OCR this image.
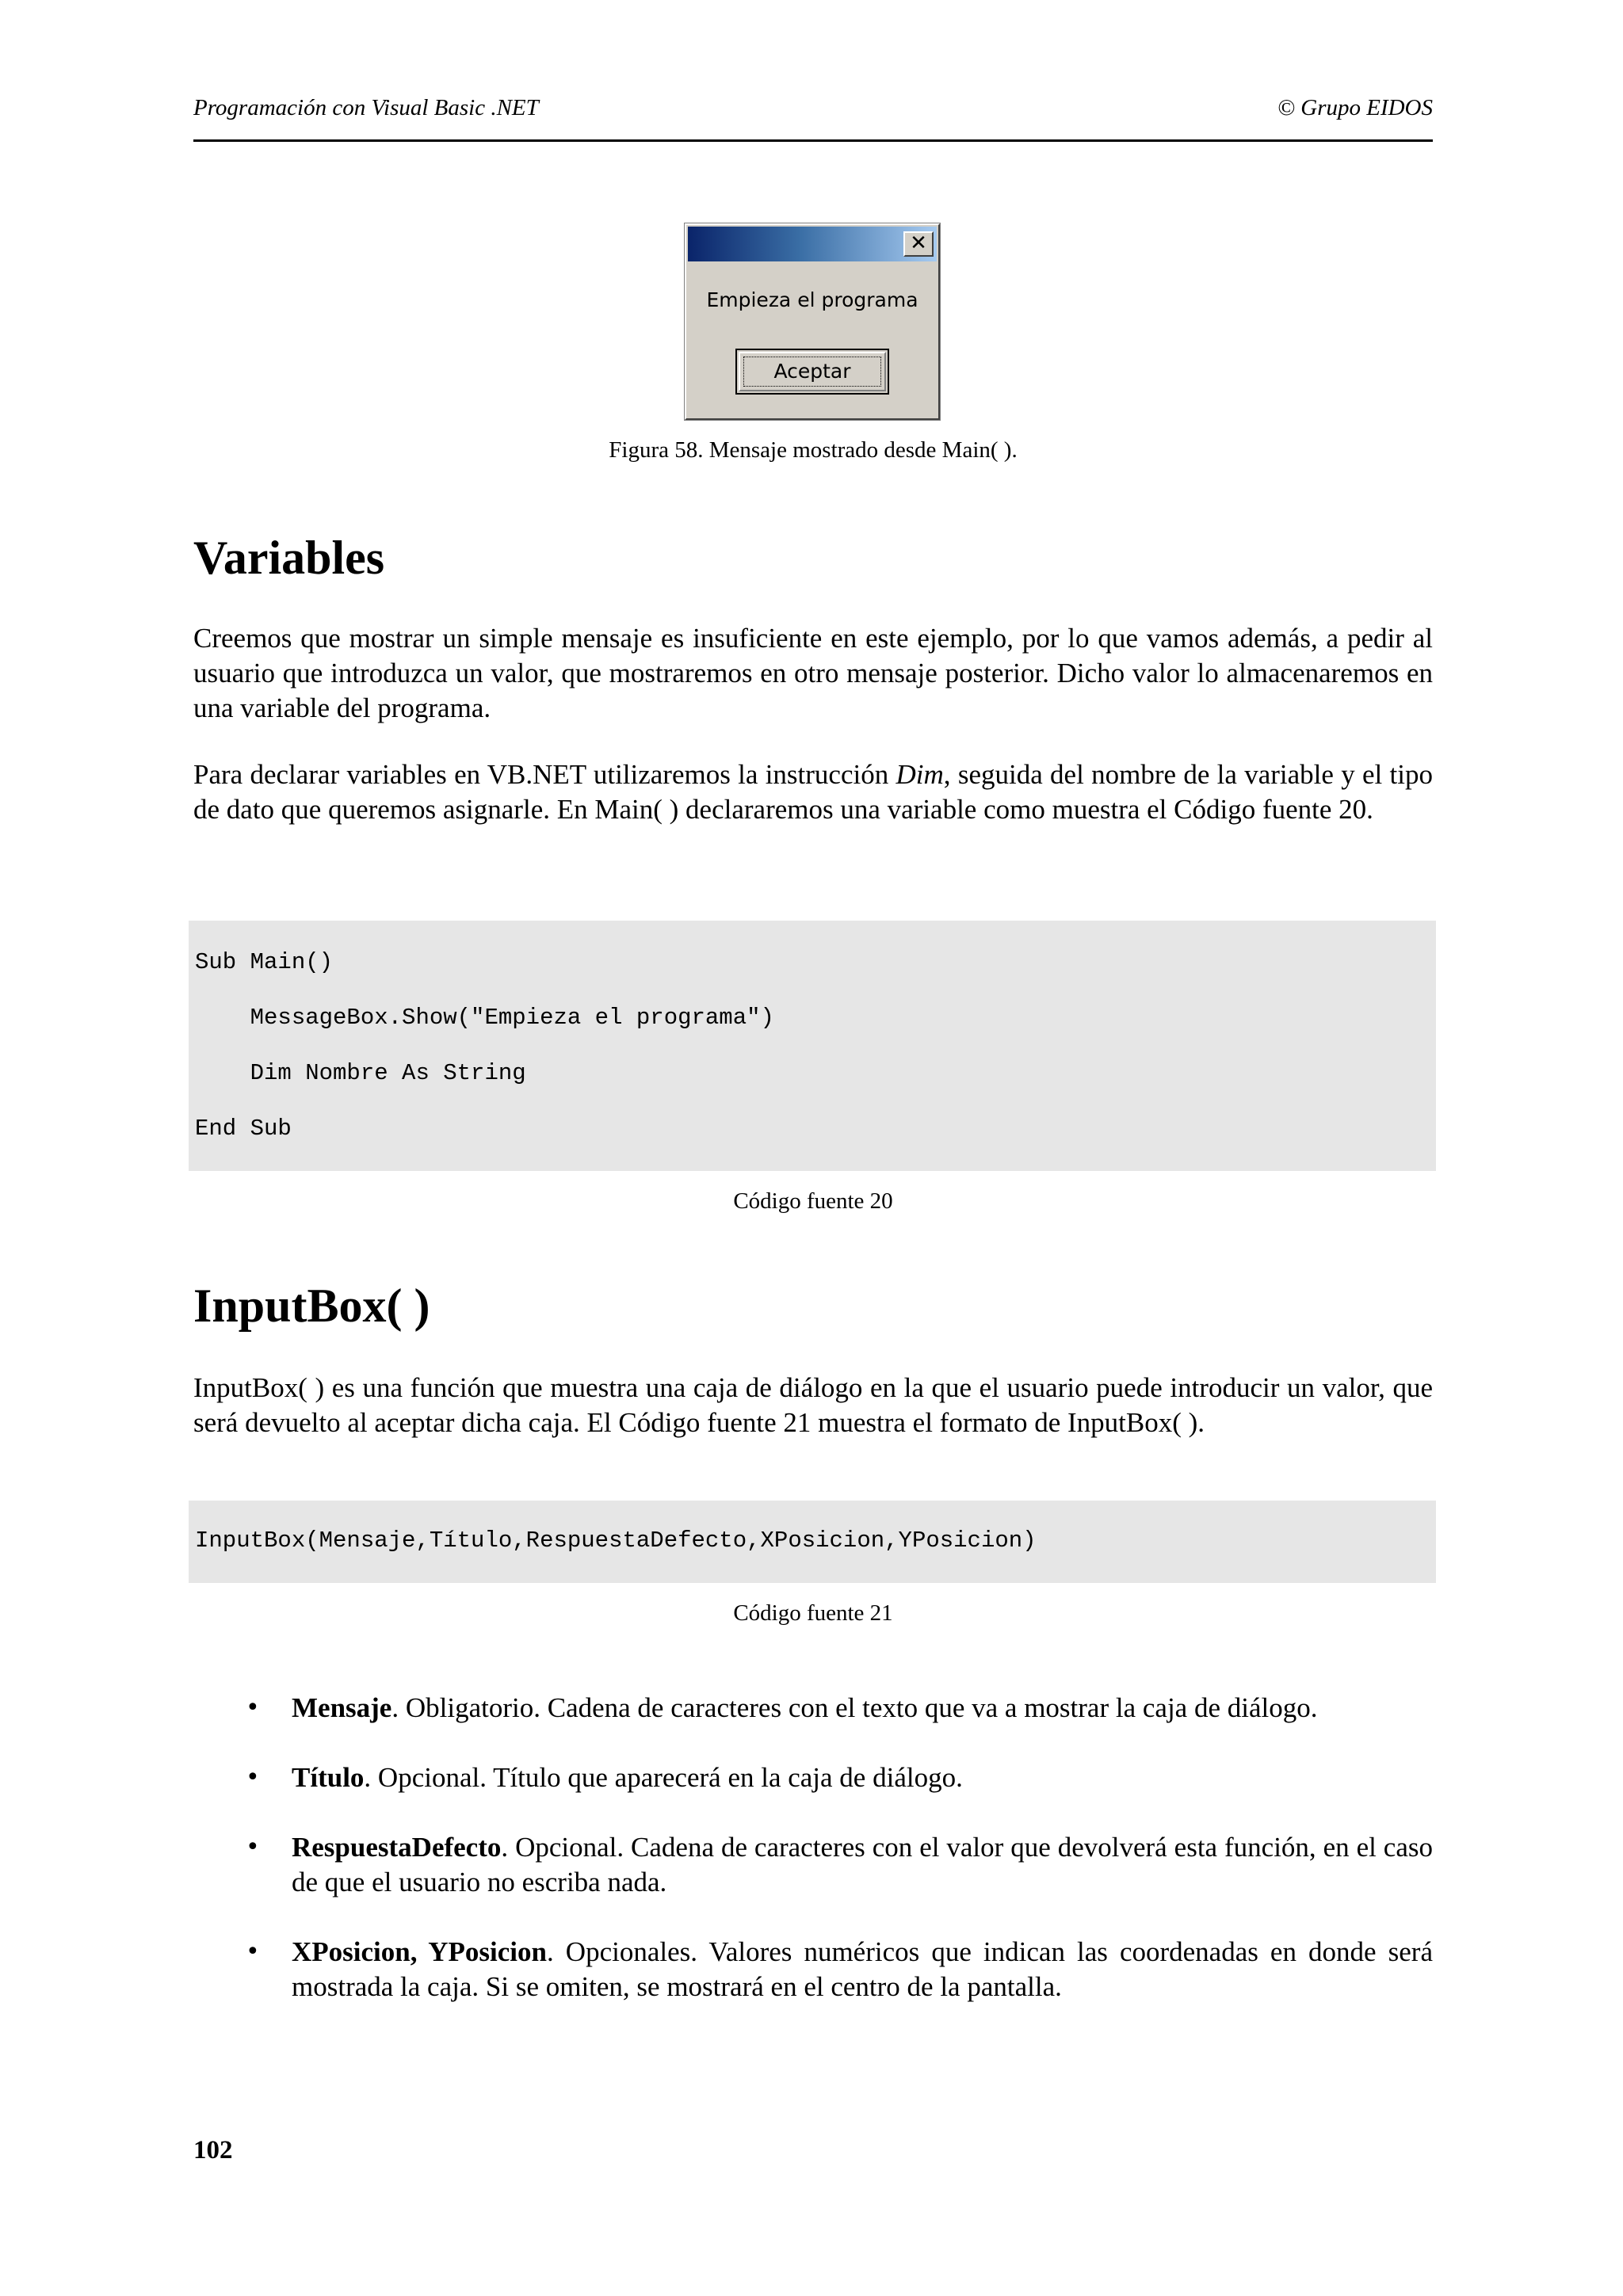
Programación con Visual Basic .NET	© Grupo EIDOS
✕
Empieza el programa
Aceptar
Figura 58. Mensaje mostrado desde Main( ).
Variables

Creemos que mostrar un simple mensaje es insuficiente en este ejemplo, por lo que vamos además, a pedir al usuario que introduzca un valor, que mostraremos en otro mensaje posterior. Dicho valor lo almacenaremos en una variable del programa.

Para declarar variables en VB.NET utilizaremos la instrucción Dim, seguida del nombre de la variable y el tipo de dato que queremos asignarle. En Main( ) declararemos una variable como muestra el Código fuente 20.

Sub Main()
MessageBox.Show("Empieza el programa")
Dim Nombre As String
End Sub
Código fuente 20
InputBox( )

InputBox( ) es una función que muestra una caja de diálogo en la que el usuario puede introducir un valor, que será devuelto al aceptar dicha caja. El Código fuente 21 muestra el formato de InputBox( ).

InputBox(Mensaje,Título,RespuestaDefecto,XPosicion,YPosicion)
Código fuente 21
• Mensaje. Obligatorio. Cadena de caracteres con el texto que va a mostrar la caja de diálogo.
• Título. Opcional. Título que aparecerá en la caja de diálogo.
• RespuestaDefecto. Opcional. Cadena de caracteres con el valor que devolverá esta función, en el caso de que el usuario no escriba nada.
• XPosicion, YPosicion. Opcionales. Valores numéricos que indican las coordenadas en donde será mostrada la caja. Si se omiten, se mostrará en el centro de la pantalla.
102
